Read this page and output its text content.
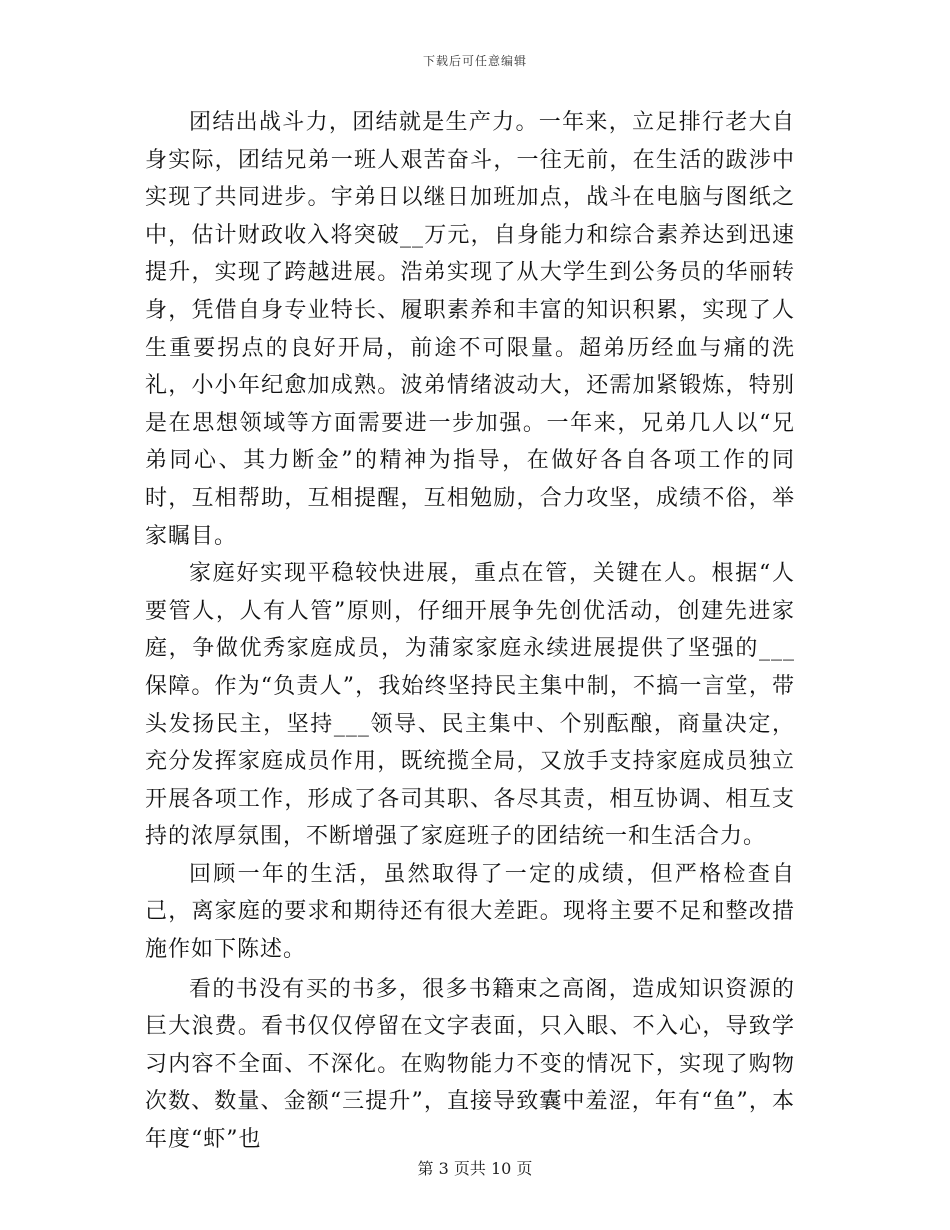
下载后可任意编辑

团结出战斗力，团结就是生产力。一年来，立足排行老大自身实际，团结兄弟一班人艰苦奋斗，一往无前，在生活的跋涉中实现了共同进步。宇弟日以继日加班加点，战斗在电脑与图纸之中，估计财政收入将突破__万元，自身能力和综合素养达到迅速提升，实现了跨越进展。浩弟实现了从大学生到公务员的华丽转身，凭借自身专业特长、履职素养和丰富的知识积累，实现了人生重要拐点的良好开局，前途不可限量。超弟历经血与痛的洗礼，小小年纪愈加成熟。波弟情绪波动大，还需加紧锻炼，特别是在思想领域等方面需要进一步加强。一年来，兄弟几人以“兄弟同心、其力断金”的精神为指导，在做好各自各项工作的同时，互相帮助，互相提醒，互相勉励，合力攻坚，成绩不俗，举家瞩目。

家庭好实现平稳较快进展，重点在管，关键在人。根据“人要管人，人有人管”原则，仔细开展争先创优活动，创建先进家庭，争做优秀家庭成员，为蒲家家庭永续进展提供了坚强的___保障。作为“负责人”，我始终坚持民主集中制，不搞一言堂，带头发扬民主，坚持___领导、民主集中、个别酝酿，商量决定，充分发挥家庭成员作用，既统揽全局，又放手支持家庭成员独立开展各项工作，形成了各司其职、各尽其责，相互协调、相互支持的浓厚氛围，不断增强了家庭班子的团结统一和生活合力。

回顾一年的生活，虽然取得了一定的成绩，但严格检查自己，离家庭的要求和期待还有很大差距。现将主要不足和整改措施作如下陈述。

看的书没有买的书多，很多书籍束之高阁，造成知识资源的巨大浪费。看书仅仅停留在文字表面，只入眼、不入心，导致学习内容不全面、不深化。在购物能力不变的情况下，实现了购物次数、数量、金额“三提升”，直接导致囊中羞涩，年有“鱼”，本年度“虾”也

第 3 页共 10 页
